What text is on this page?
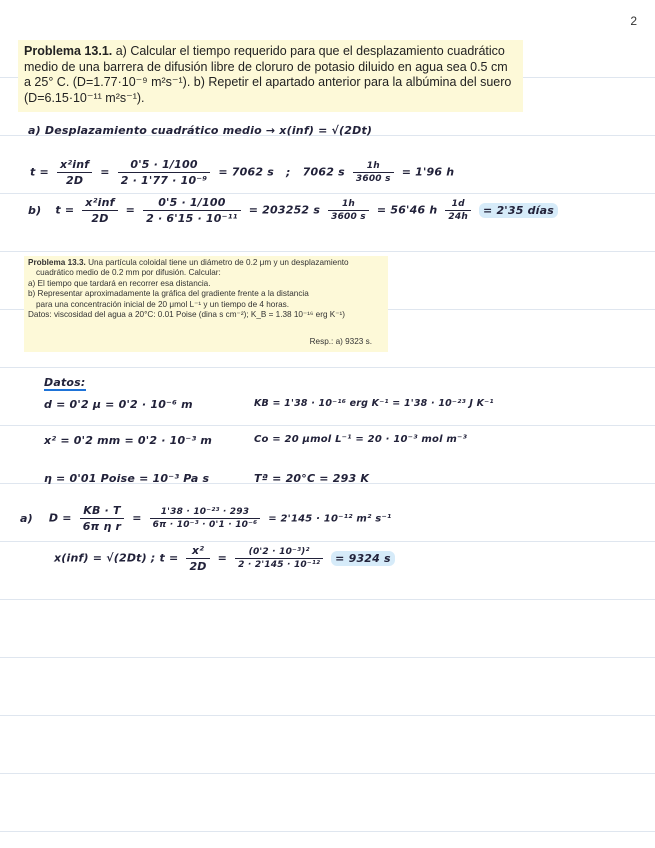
2
Problema 13.1. a) Calcular el tiempo requerido para que el desplazamiento cuadrático medio de una barrera de difusión libre de cloruro de potasio diluido en agua sea 0.5 cm a 25° C. (D=1.77·10⁻⁹ m²s⁻¹). b) Repetir el apartado anterior para la albúmina del suero (D=6.15·10⁻¹¹ m²s⁻¹).
a) Desplazamiento cuadrático medio → x(inf) = √(2Dt)
$t = \frac{\text{x²inf}}{2D} = \frac{0'5 \cdot 1/100}{\text{2 · 1'77 · 10⁻⁹}} = 7062$ s ; 7062 s $\frac{1h}{3600 s} = 1'96$ h
b) $t = \frac{\text{x²inf}}{2D} = \frac{0'5 \cdot 1/100}{\text{2 · 6'15 · 10⁻¹¹}} = 203252$ s $\frac{1h}{3600 s} = 56'46$ h $\frac{1d}{24h} = 2'35$ días
Problema 13.3. Una partícula coloidal tiene un diámetro de 0.2 μm y un desplazamiento
cuadrático medio de 0.2 mm por difusión. Calcular:
a) El tiempo que tardará en recorrer esa distancia.
b) Representar aproximadamente la gráfica del gradiente frente a la distancia
para una concentración inicial de 20 μmol L⁻¹ y un tiempo de 4 horas.
Datos: viscosidad del agua a 20°C: 0.01 Poise (dina s cm⁻²); K_B = 1.38 10⁻¹⁶ erg K⁻¹)
Resp.: a) 9323 s.
Datos:
d = 0'2 μ = 0'2 · 10⁻⁶ m	KB = 1'38 · 10⁻¹⁶ erg K⁻¹ = 1'38 · 10⁻²³ J K⁻¹
x² = 0'2 mm = 0'2 · 10⁻³ m	Co = 20 μmol L⁻¹ = 20 · 10⁻³ mol m⁻³
η = 0'01 Poise = 10⁻³ Pa s	Tª = 20°C = 293 K
a) $D = \frac{KB \cdot T}{\text{6π η r}} = \frac{\text{1'38 · 10⁻²³ · 293}}{\text{6π · 10⁻³ · 0'1 · 10⁻⁶}} = 2'145 \cdot 10^{-12}$ m² s⁻¹
x(inf) = √(2Dt) ; $t = \frac{\text{x²}}{2D} = \frac{\text{(0'2 · 10⁻³)²}}{\text{2 · 2'145 · 10⁻¹²}} = 9324$ s
